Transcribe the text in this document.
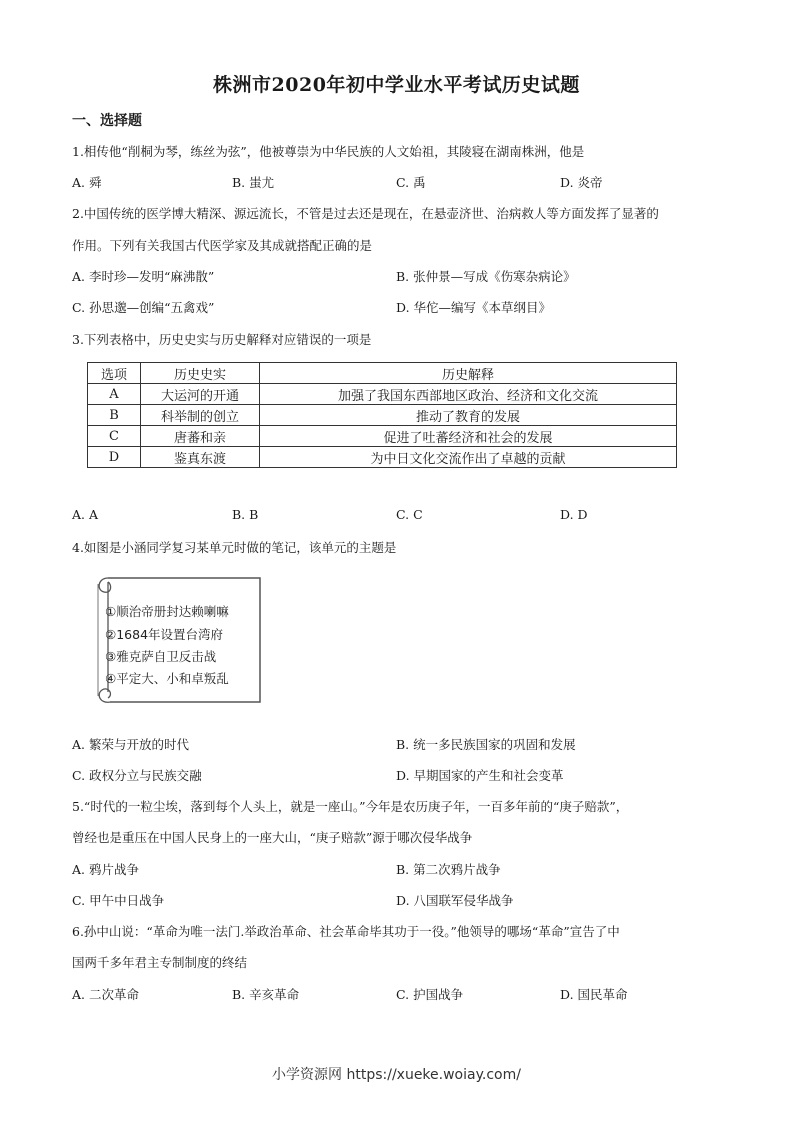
株洲市2020年初中学业水平考试历史试题
一、选择题
1.相传他“削桐为琴，练丝为弦”，他被尊崇为中华民族的人文始祖，其陵寝在湖南株洲，他是
A. 舜	B. 蚩尤	C. 禹	D. 炎帝
2.中国传统的医学博大精深、源远流长，不管是过去还是现在，在悬壶济世、治病救人等方面发挥了显著的
作用。下列有关我国古代医学家及其成就搭配正确的是
A. 李时珍—发明“麻沸散”	B. 张仲景—写成《伤寒杂病论》
C. 孙思邈—创编“五禽戏”	D. 华佗—编写《本草纲目》
3.下列表格中，历史史实与历史解释对应错误的一项是
选项	历史史实	历史解释
A	大运河的开通	加强了我国东西部地区政治、经济和文化交流
B	科举制的创立	推动了教育的发展
C	唐蕃和亲	促进了吐蕃经济和社会的发展
D	鉴真东渡	为中日文化交流作出了卓越的贡献
A. A	B. B	C. C	D. D
4.如图是小涵同学复习某单元时做的笔记，该单元的主题是
①顺治帝册封达赖喇嘛
②1684年设置台湾府
③雅克萨自卫反击战
④平定大、小和卓叛乱
A. 繁荣与开放的时代	B. 统一多民族国家的巩固和发展
C. 政权分立与民族交融	D. 早期国家的产生和社会变革
5.“时代的一粒尘埃，落到每个人头上，就是一座山。”今年是农历庚子年，一百多年前的“庚子赔款”，
曾经也是重压在中国人民身上的一座大山，“庚子赔款”源于哪次侵华战争
A. 鸦片战争	B. 第二次鸦片战争
C. 甲午中日战争	D. 八国联军侵华战争
6.孙中山说：“革命为唯一法门.举政治革命、社会革命毕其功于一役。”他领导的哪场“革命”宣告了中
国两千多年君主专制制度的终结
A. 二次革命	B. 辛亥革命	C. 护国战争	D. 国民革命
小学资源网 https://xueke.woiay.com/
